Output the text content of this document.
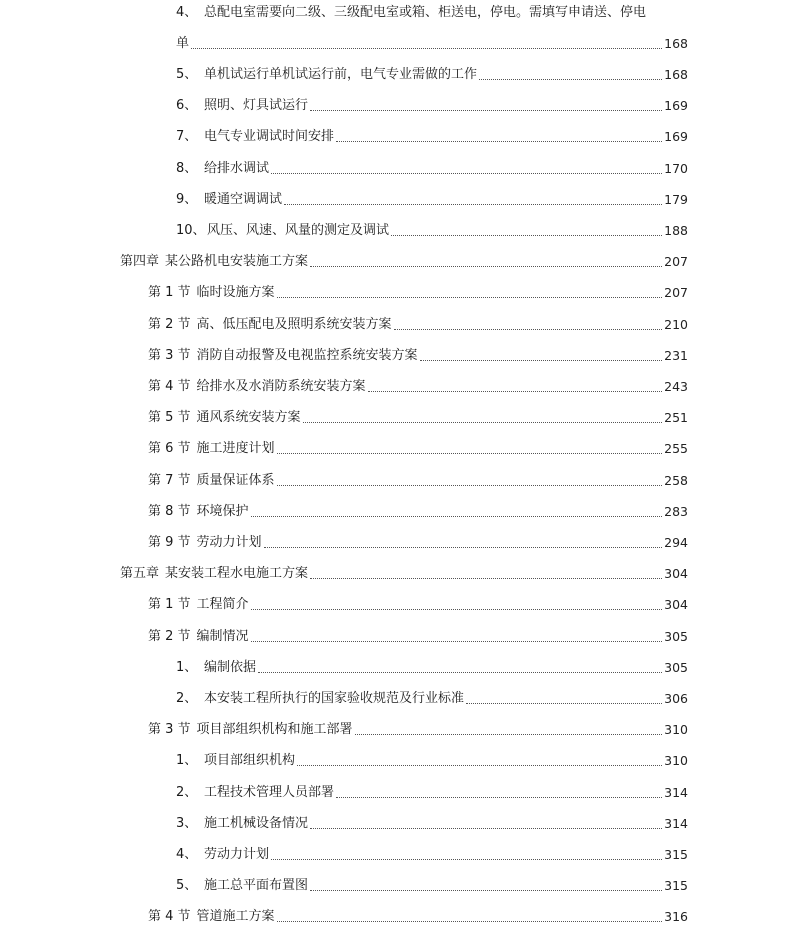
4、 总配电室需要向二级、三级配电室或箱、柜送电，停电。需填写申请送、停电
单	168
5、 单机试运行单机试运行前，电气专业需做的工作	168
6、 照明、灯具试运行	169
7、 电气专业调试时间安排	169
8、 给排水调试	170
9、 暖通空调调试	179
10、 风压、风速、风量的测定及调试	188
第四章 某公路机电安装施工方案	207
第 1 节 临时设施方案	207
第 2 节 高、低压配电及照明系统安装方案	210
第 3 节 消防自动报警及电视监控系统安装方案	231
第 4 节 给排水及水消防系统安装方案	243
第 5 节 通风系统安装方案	251
第 6 节 施工进度计划	255
第 7 节 质量保证体系	258
第 8 节 环境保护	283
第 9 节 劳动力计划	294
第五章 某安装工程水电施工方案	304
第 1 节 工程简介	304
第 2 节 编制情况	305
1、 编制依据	305
2、 本安装工程所执行的国家验收规范及行业标准	306
第 3 节 项目部组织机构和施工部署	310
1、 项目部组织机构	310
2、 工程技术管理人员部署	314
3、 施工机械设备情况	314
4、 劳动力计划	315
5、 施工总平面布置图	315
第 4 节 管道施工方案	316
